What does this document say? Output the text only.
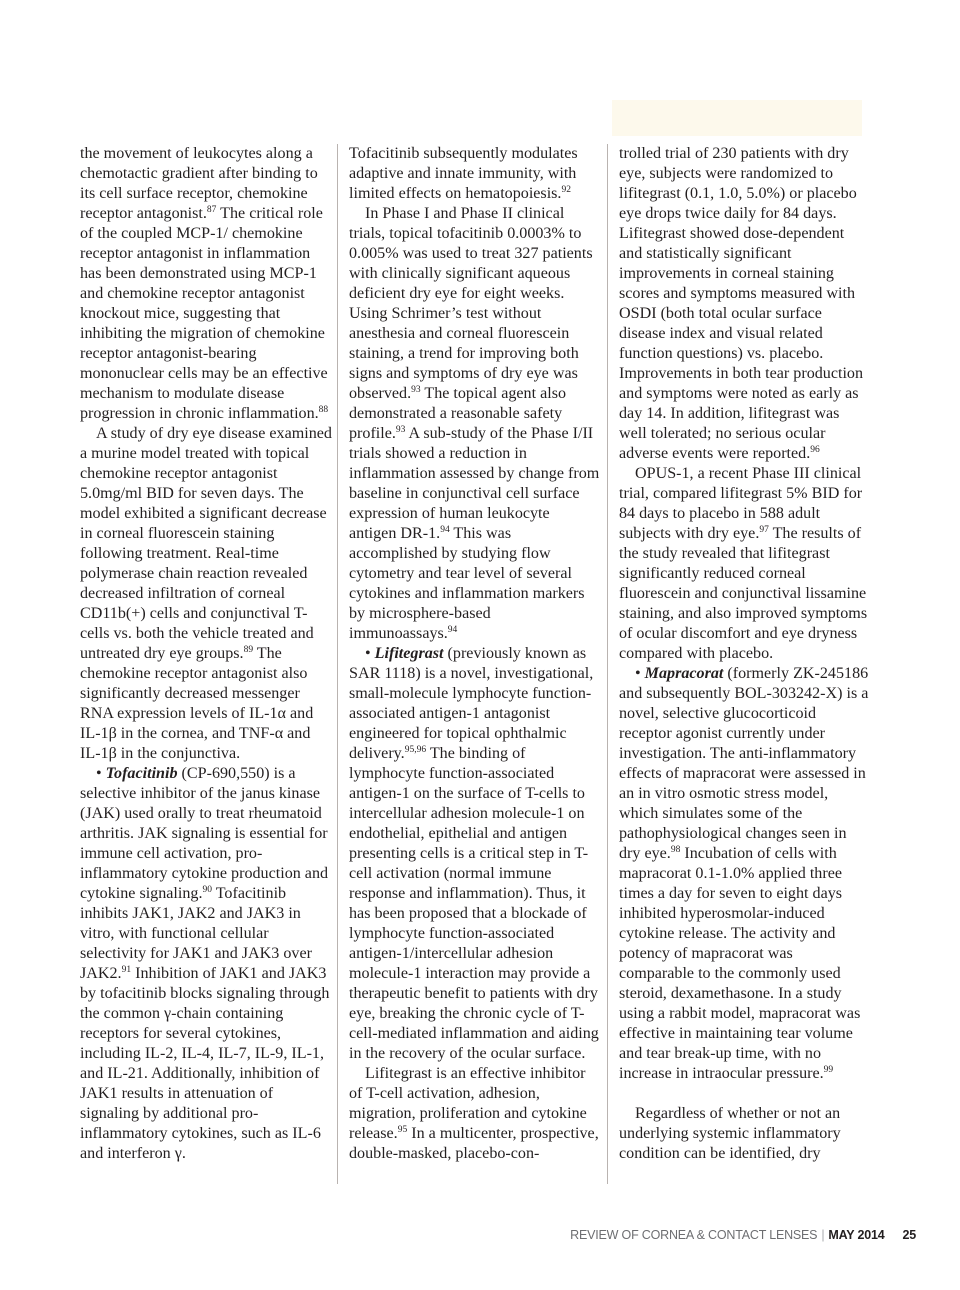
the movement of leukocytes along a chemotactic gradient after binding to its cell surface receptor, chemokine receptor antagonist.$^{87}$ The critical role of the coupled MCP-1/ chemokine receptor antagonist in inflammation has been demonstrated using MCP-1 and chemokine receptor antagonist knockout mice, suggesting that inhibiting the migration of chemokine receptor antagonist-bearing mononuclear cells may be an effective mechanism to modulate disease progression in chronic inflammation.$^{88}$

A study of dry eye disease examined a murine model treated with topical chemokine receptor antagonist 5.0mg/ml BID for seven days. The model exhibited a significant decrease in corneal fluorescein staining following treatment. Real-time polymerase chain reaction revealed decreased infiltration of corneal CD11b(+) cells and conjunctival T-cells vs. both the vehicle treated and untreated dry eye groups.$^{89}$ The chemokine receptor antagonist also significantly decreased messenger RNA expression levels of IL-1α and IL-1β in the cornea, and TNF-α and IL-1β in the conjunctiva.

• Tofacitinib (CP-690,550) is a selective inhibitor of the janus kinase (JAK) used orally to treat rheumatoid arthritis. JAK signaling is essential for immune cell activation, pro-inflammatory cytokine production and cytokine signaling.$^{90}$ Tofacitinib inhibits JAK1, JAK2 and JAK3 in vitro, with functional cellular selectivity for JAK1 and JAK3 over JAK2.91 Inhibition of JAK1 and JAK3 by tofacitinib blocks signaling through the common γ-chain containing receptors for several cytokines, including IL-2, IL-4, IL-7, IL-9, IL-1, and IL-21. Additionally, inhibition of JAK1 results in attenuation of signaling by additional pro-inflammatory cytokines, such as IL-6 and interferon γ.

Tofacitinib subsequently modulates adaptive and innate immunity, with limited effects on hematopoiesis.$^{92}$

In Phase I and Phase II clinical trials, topical tofacitinib 0.0003% to 0.005% was used to treat 327 patients with clinically significant aqueous deficient dry eye for eight weeks. Using Schrimer’s test without anesthesia and corneal fluorescein staining, a trend for improving both signs and symptoms of dry eye was observed.$^{93}$ The topical agent also demonstrated a reasonable safety profile.$^{93}$ A sub-study of the Phase I/II trials showed a reduction in inflammation assessed by change from baseline in conjunctival cell surface expression of human leukocyte antigen DR-1.94 This was accomplished by studying flow cytometry and tear level of several cytokines and inflammation markers by microsphere-based immunoassays.$^{94}$

• Lifitegrast (previously known as SAR 1118) is a novel, investigational, small-molecule lymphocyte function-associated antigen-1 antagonist engineered for topical ophthalmic delivery.$^{95,96}$ The binding of lymphocyte function-associated antigen-1 on the surface of T-cells to intercellular adhesion molecule-1 on endothelial, epithelial and antigen presenting cells is a critical step in T-cell activation (normal immune response and inflammation). Thus, it has been proposed that a blockade of lymphocyte function-associated antigen-1/intercellular adhesion molecule-1 interaction may provide a therapeutic benefit to patients with dry eye, breaking the chronic cycle of T-cell-mediated inflammation and aiding in the recovery of the ocular surface.

Lifitegrast is an effective inhibitor of T-cell activation, adhesion, migration, proliferation and cytokine release.$^{95}$ In a multicenter, prospective, double-masked, placebo-con-

trolled trial of 230 patients with dry eye, subjects were randomized to lifitegrast (0.1, 1.0, 5.0%) or placebo eye drops twice daily for 84 days. Lifitegrast showed dose-dependent and statistically significant improvements in corneal staining scores and symptoms measured with OSDI (both total ocular surface disease index and visual related function questions) vs. placebo. Improvements in both tear production and symptoms were noted as early as day 14. In addition, lifitegrast was well tolerated; no serious ocular adverse events were reported.$^{96}$

OPUS-1, a recent Phase III clinical trial, compared lifitegrast 5% BID for 84 days to placebo in 588 adult subjects with dry eye.$^{97}$ The results of the study revealed that lifitegrast significantly reduced corneal fluorescein and conjunctival lissamine staining, and also improved symptoms of ocular discomfort and eye dryness compared with placebo.

• Mapracorat (formerly ZK-245186 and subsequently BOL-303242-X) is a novel, selective glucocorticoid receptor agonist currently under investigation. The anti-inflammatory effects of mapracorat were assessed in an in vitro osmotic stress model, which simulates some of the pathophysiological changes seen in dry eye.$^{98}$ Incubation of cells with mapracorat 0.1-1.0% applied three times a day for seven to eight days inhibited hyperosmolar-induced cytokine release. The activity and potency of mapracorat was comparable to the commonly used steroid, dexamethasone. In a study using a rabbit model, mapracorat was effective in maintaining tear volume and tear break-up time, with no increase in intraocular pressure.$^{99}$

Regardless of whether or not an underlying systemic inflammatory condition can be identified, dry

REVIEW OF CORNEA & CONTACT LENSES | MAY 2014 25
